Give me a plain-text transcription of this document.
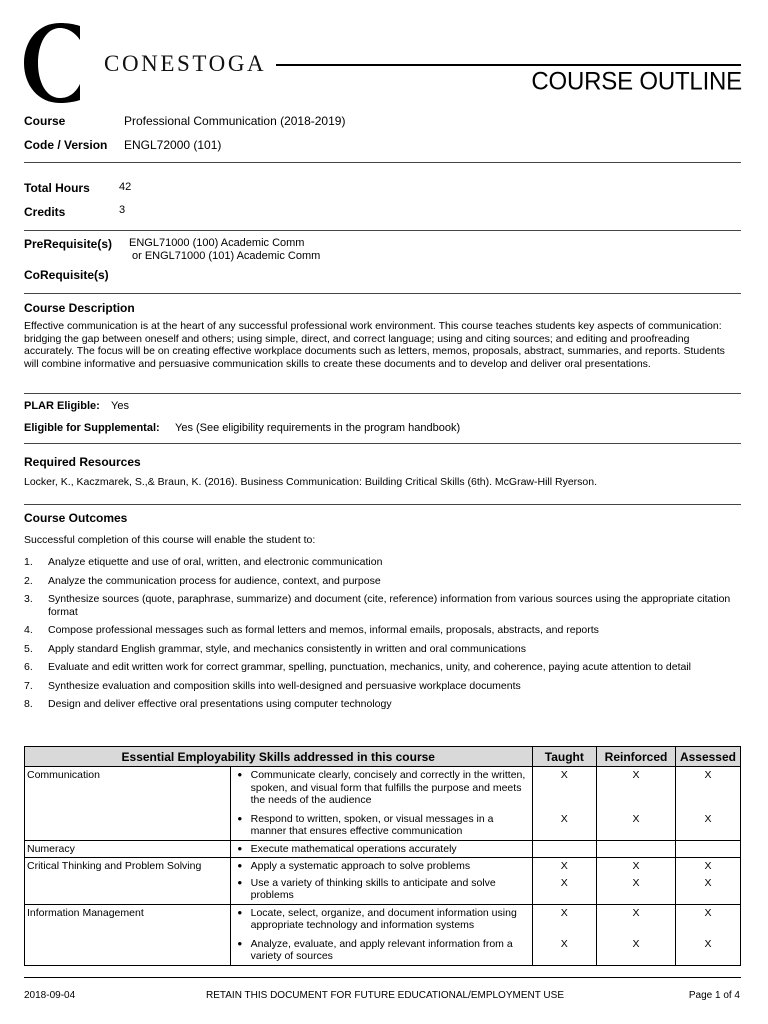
CONESTOGA
COURSE OUTLINE
Course	Professional Communication (2018-2019)
Code / Version ENGL72000 (101)
Total Hours	42
Credits	3
PreRequisite(s) ENGL71000 (100) Academic Comm
or ENGL71000 (101) Academic Comm
CoRequisite(s)
Course Description
Effective communication is at the heart of any successful professional work environment. This course teaches students key aspects of communication: bridging the gap between oneself and others; using simple, direct, and correct language; using and citing sources; and editing and proofreading accurately. The focus will be on creating effective workplace documents such as letters, memos, proposals, abstract, summaries, and reports. Students will combine informative and persuasive communication skills to create these documents and to develop and deliver oral presentations.
PLAR Eligible: Yes
Eligible for Supplemental: Yes (See eligibility requirements in the program handbook)
Required Resources
Locker, K., Kaczmarek, S.,& Braun, K. (2016). Business Communication: Building Critical Skills (6th). McGraw-Hill Ryerson.
Course Outcomes
Successful completion of this course will enable the student to:
1.	Analyze etiquette and use of oral, written, and electronic communication
2.	Analyze the communication process for audience, context, and purpose
3.	Synthesize sources (quote, paraphrase, summarize) and document (cite, reference) information from various sources using the appropriate citation format
4.	Compose professional messages such as formal letters and memos, informal emails, proposals, abstracts, and reports
5.	Apply standard English grammar, style, and mechanics consistently in written and oral communications
6.	Evaluate and edit written work for correct grammar, spelling, punctuation, mechanics, unity, and coherence, paying acute attention to detail
7.	Synthesize evaluation and composition skills into well-designed and persuasive workplace documents
8.	Design and deliver effective oral presentations using computer technology
Essential Employability Skills addressed in this course			Taught	Reinforced	Assessed
Communication	•	Communicate clearly, concisely and correctly in the written, spoken, and visual form that fulfills the purpose and meets the needs of the audience	X	X	X
	•	Respond to written, spoken, or visual messages in a manner that ensures effective communication	X	X	X
Numeracy	•	Execute mathematical operations accurately			
Critical Thinking and Problem Solving	•	Apply a systematic approach to solve problems	X	X	X
	•	Use a variety of thinking skills to anticipate and solve problems	X	X	X
Information Management	•	Locate, select, organize, and document information using appropriate technology and information systems	X	X	X
	•	Analyze, evaluate, and apply relevant information from a variety of sources	X	X	X
2018-09-04	RETAIN THIS DOCUMENT FOR FUTURE EDUCATIONAL/EMPLOYMENT USE	Page 1 of 4
